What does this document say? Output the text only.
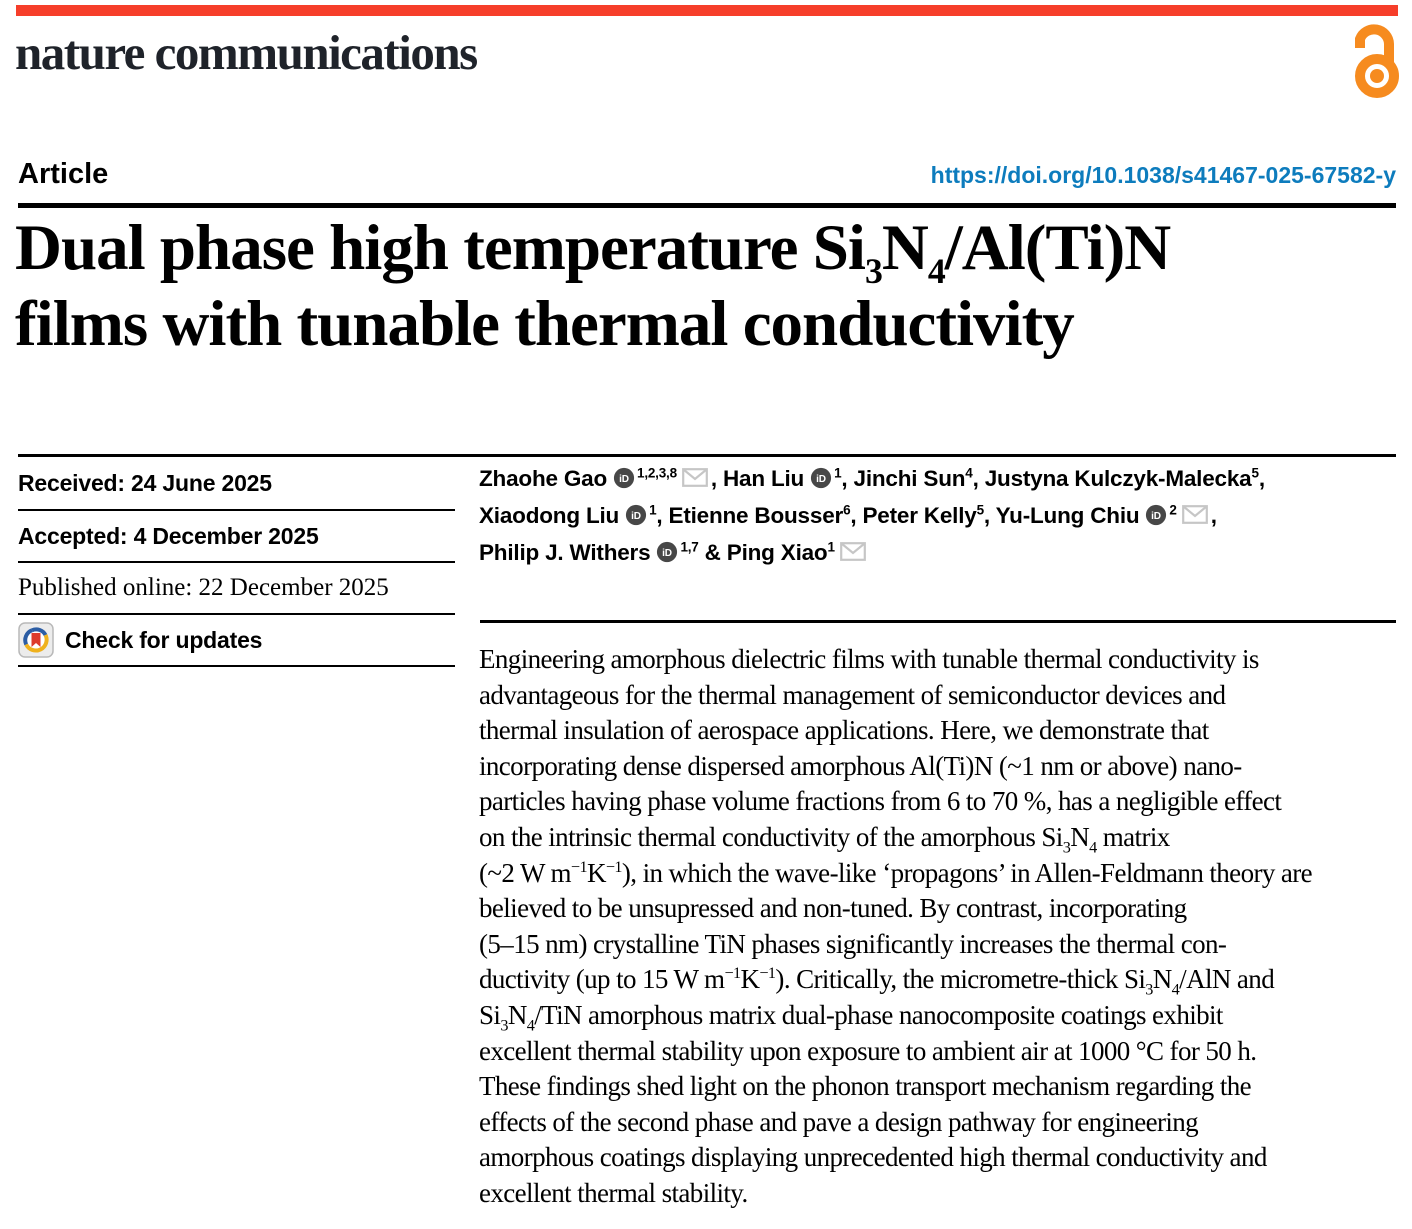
nature communications
Article	https://doi.org/10.1038/s41467-025-67582-y
Dual phase high temperature $Si_3N_4/Al(Ti)N$
films with tunable thermal conductivity
Received: 24 June 2025
Accepted: 4 December 2025
Published online: 22 December 2025
Check for updates
Zhaohe Gao iD $^{1,2,3,8}$ , Han Liu iD $^1$, Jinchi Sun$^4$, Justyna Kulczyk-Malecka$^5$,
Xiaodong Liu iD $^1$, Etienne Bousser$^6$, Peter Kelly$^5$, Yu-Lung Chiu iD $^2$ ,
Philip J. Withers iD $^{1,7}$ & Ping Xiao$^1$
Engineering amorphous dielectric films with tunable thermal conductivity is
advantageous for the thermal management of semiconductor devices and
thermal insulation of aerospace applications. Here, we demonstrate that
incorporating dense dispersed amorphous Al(Ti)N (~1 nm or above) nano-
particles having phase volume fractions from 6 to 70 %, has a negligible effect
on the intrinsic thermal conductivity of the amorphous $Si_3N_4$ matrix
(~2 W $m^{-1}K^{-1}$), in which the wave-like ‘propagons’ in Allen-Feldmann theory are
believed to be unsupressed and non-tuned. By contrast, incorporating
(5–15 nm) crystalline TiN phases significantly increases the thermal con-
ductivity (up to 15 W $m^{-1}K^{-1}$). Critically, the micrometre-thick $Si_3N_4$/AlN and
$Si_3N_4$/TiN amorphous matrix dual-phase nanocomposite coatings exhibit
excellent thermal stability upon exposure to ambient air at 1000 °C for 50 h.
These findings shed light on the phonon transport mechanism regarding the
effects of the second phase and pave a design pathway for engineering
amorphous coatings displaying unprecedented high thermal conductivity and
excellent thermal stability.
